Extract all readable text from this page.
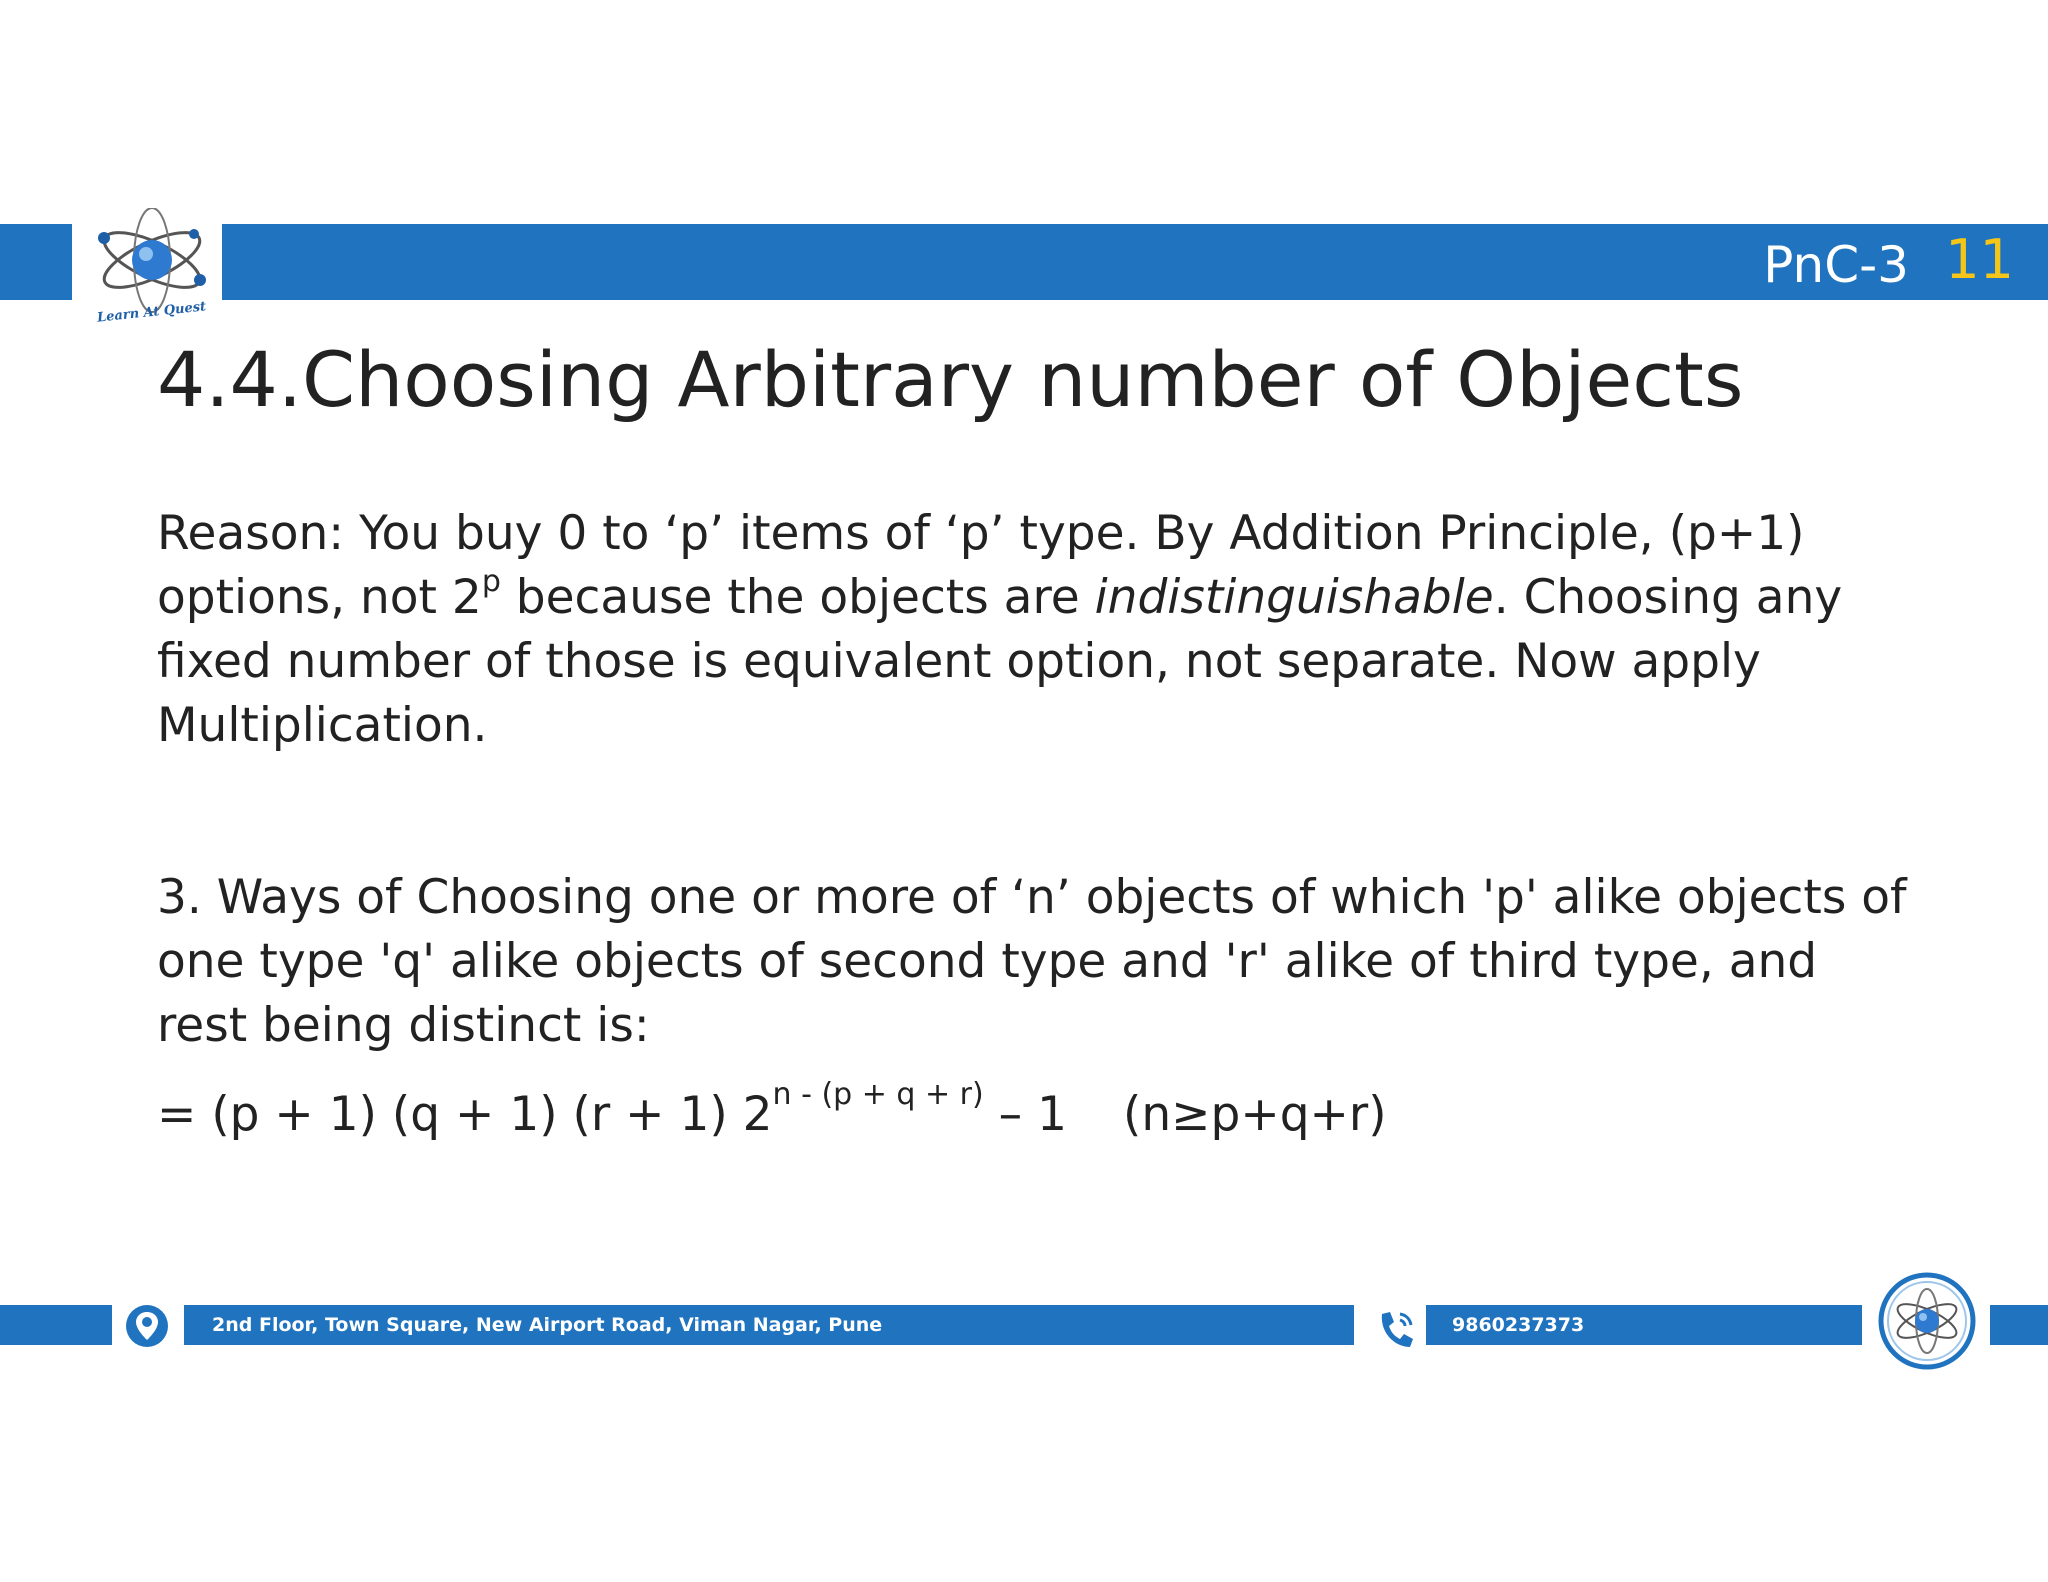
Learn At Quest
PnC-3 11
4.4.Choosing Arbitrary number of Objects

Reason: You buy 0 to ‘p’ items of ‘p’ type. By Addition Principle, (p+1) options, not 2$^p$ because the objects are indistinguishable. Choosing any fixed number of those is equivalent option, not separate. Now apply Multiplication.

3. Ways of Choosing one or more of ‘n’ objects of which 'p' alike objects of one type 'q' alike objects of second type and 'r' alike of third type, and rest being distinct is:

= (p + 1) (q + 1) (r + 1) $2^{n - (p + q + r)} - 1$ (n≥p+q+r)
2nd Floor, Town Square, New Airport Road, Viman Nagar, Pune	9860237373
